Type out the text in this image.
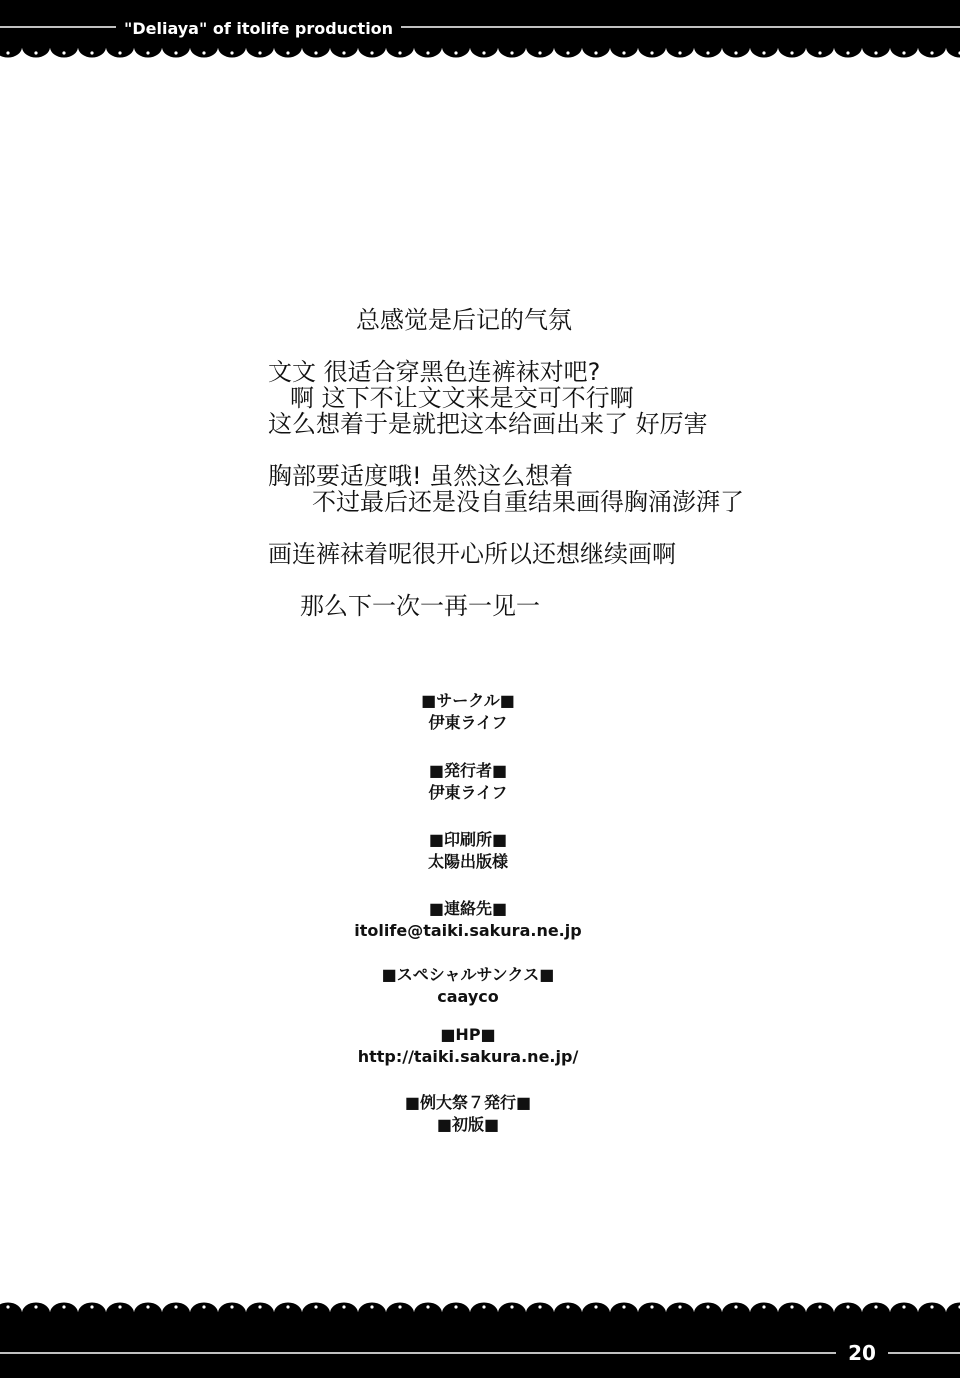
"Deliaya" of itolife production
总感觉是后记的气氛
文文 很适合穿黑色连裤袜对吧?
啊 这下不让文文来是交可不行啊
这么想着于是就把这本给画出来了 好厉害
胸部要适度哦! 虽然这么想着
不过最后还是没自重结果画得胸涌澎湃了
画连裤袜着呢很开心所以还想继续画啊
那么下一次一再一见一
■サークル■
伊東ライフ
■発行者■
伊東ライフ
■印刷所■
太陽出版様
■連絡先■
itolife@taiki.sakura.ne.jp
■スペシャルサンクス■
caayco
■HP■
http://taiki.sakura.ne.jp/
■例大祭７発行■
■初版■
20
